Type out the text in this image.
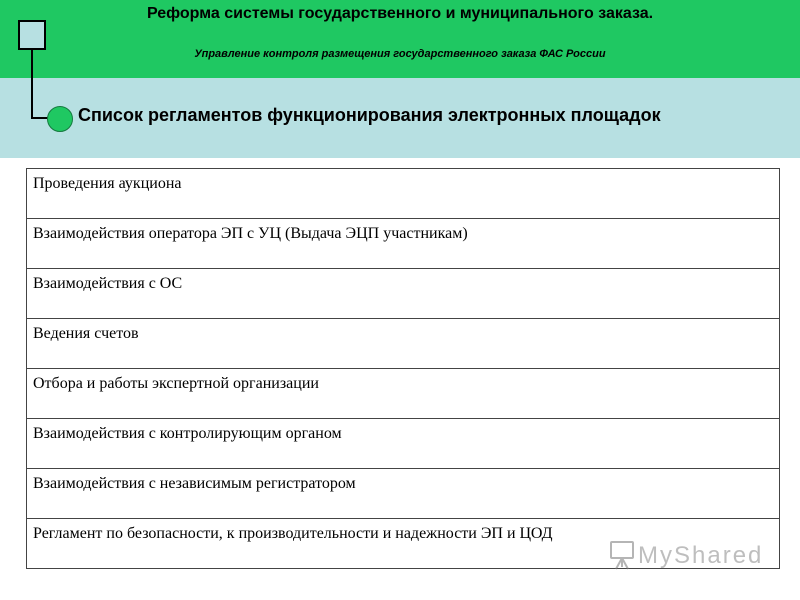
Реформа системы государственного и муниципального заказа.
Управление контроля размещения государственного заказа ФАС России
Список регламентов функционирования электронных площадок
Проведения аукциона

Взаимодействия оператора ЭП с УЦ (Выдача ЭЦП участникам)

Взаимодействия с ОС

Ведения счетов

Отбора и работы экспертной организации

Взаимодействия с контролирующим органом

Взаимодействия с независимым регистратором

Регламент по безопасности, к производительности и надежности ЭП и ЦОД
MyShared
